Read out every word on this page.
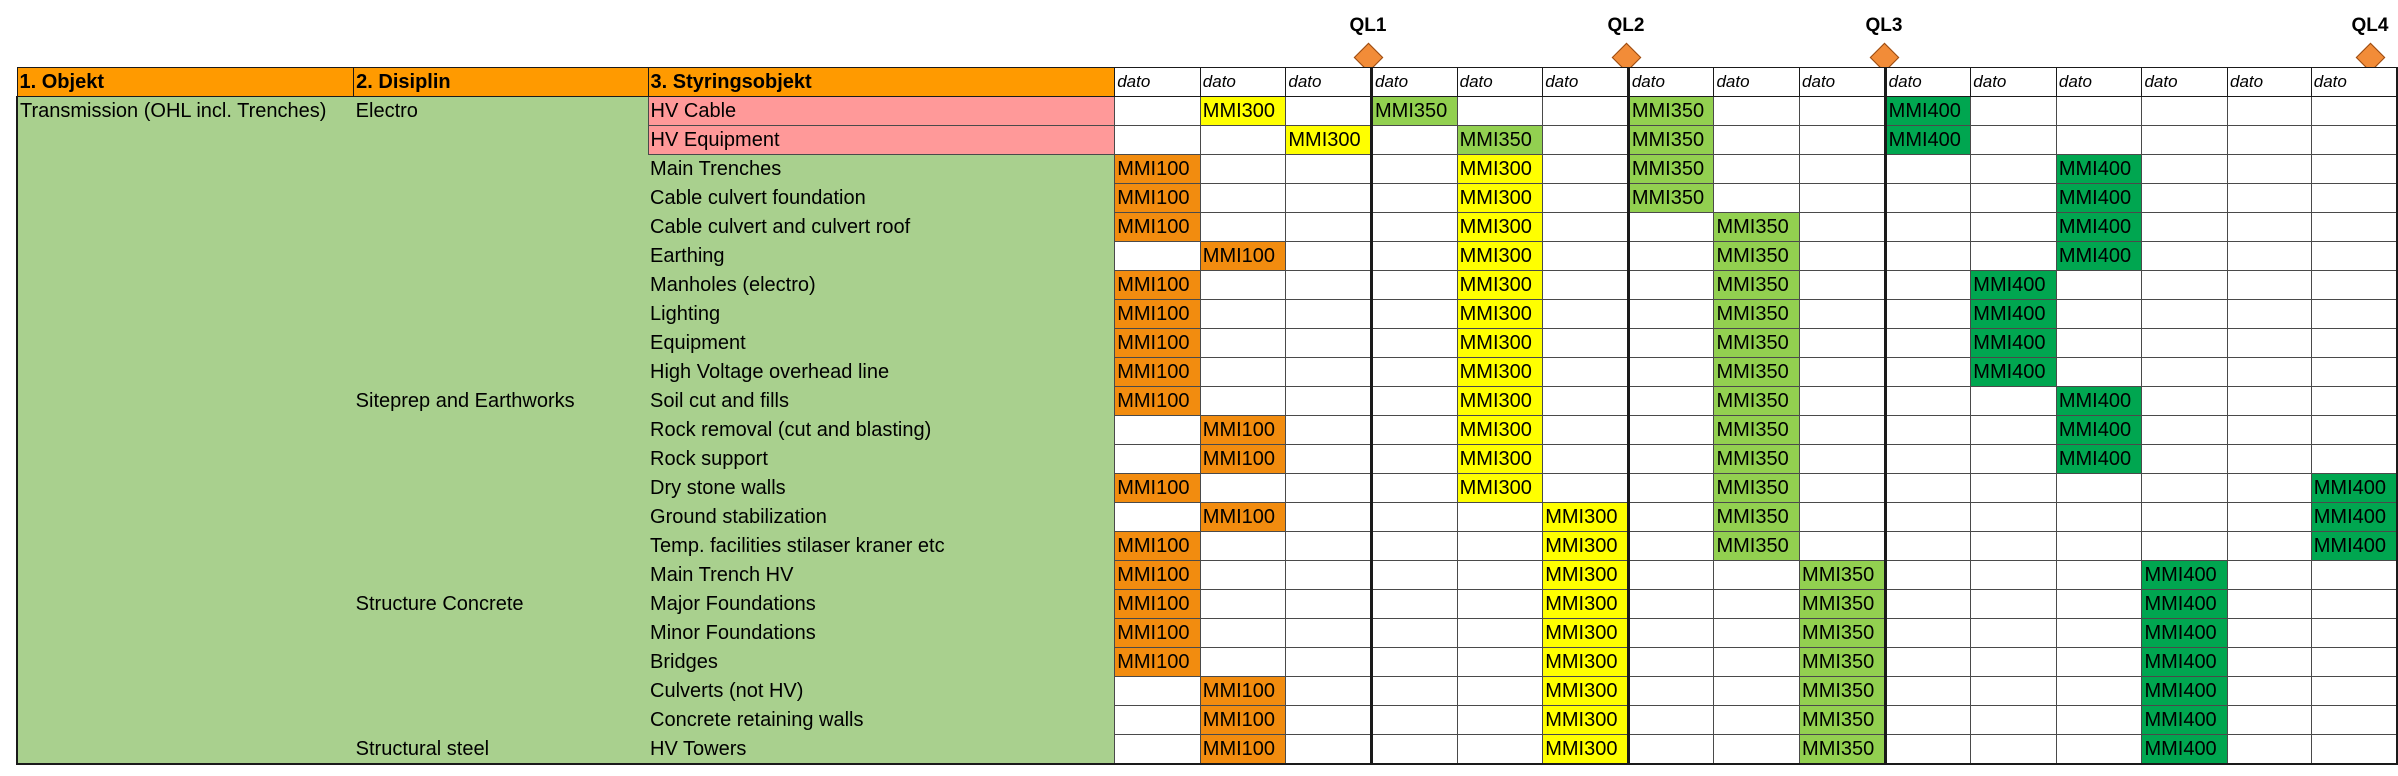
QL1	QL2	QL3	QL4
1. Objekt	2. Disiplin	3. Styringsobjekt	dato	dato	dato	dato	dato	dato	dato	dato	dato	dato	dato	dato	dato	dato	dato
Transmission (OHL incl. Trenches)	Electro	HV Cable		MMI300		MMI350			MMI350			MMI400					
		HV Equipment			MMI300		MMI350		MMI350			MMI400					
		Main Trenches	MMI100				MMI300		MMI350					MMI400			
		Cable culvert foundation	MMI100				MMI300		MMI350					MMI400			
		Cable culvert and culvert roof	MMI100				MMI300			MMI350				MMI400			
		Earthing		MMI100			MMI300			MMI350				MMI400			
		Manholes (electro)	MMI100				MMI300			MMI350			MMI400				
		Lighting	MMI100				MMI300			MMI350			MMI400				
		Equipment	MMI100				MMI300			MMI350			MMI400				
		High Voltage overhead line	MMI100				MMI300			MMI350			MMI400				
	Siteprep and Earthworks	Soil cut and fills	MMI100				MMI300			MMI350				MMI400			
		Rock removal (cut and blasting)		MMI100			MMI300			MMI350				MMI400			
		Rock support		MMI100			MMI300			MMI350				MMI400			
		Dry stone walls	MMI100				MMI300			MMI350							MMI400
		Ground stabilization		MMI100				MMI300		MMI350							MMI400
		Temp. facilities stilaser kraner etc	MMI100					MMI300		MMI350							MMI400
		Main Trench HV	MMI100					MMI300			MMI350				MMI400		
	Structure Concrete	Major Foundations	MMI100					MMI300			MMI350				MMI400		
		Minor Foundations	MMI100					MMI300			MMI350				MMI400		
		Bridges	MMI100					MMI300			MMI350				MMI400		
		Culverts (not HV)		MMI100				MMI300			MMI350				MMI400		
		Concrete retaining walls		MMI100				MMI300			MMI350				MMI400		
	Structural steel	HV Towers		MMI100				MMI300			MMI350				MMI400		
